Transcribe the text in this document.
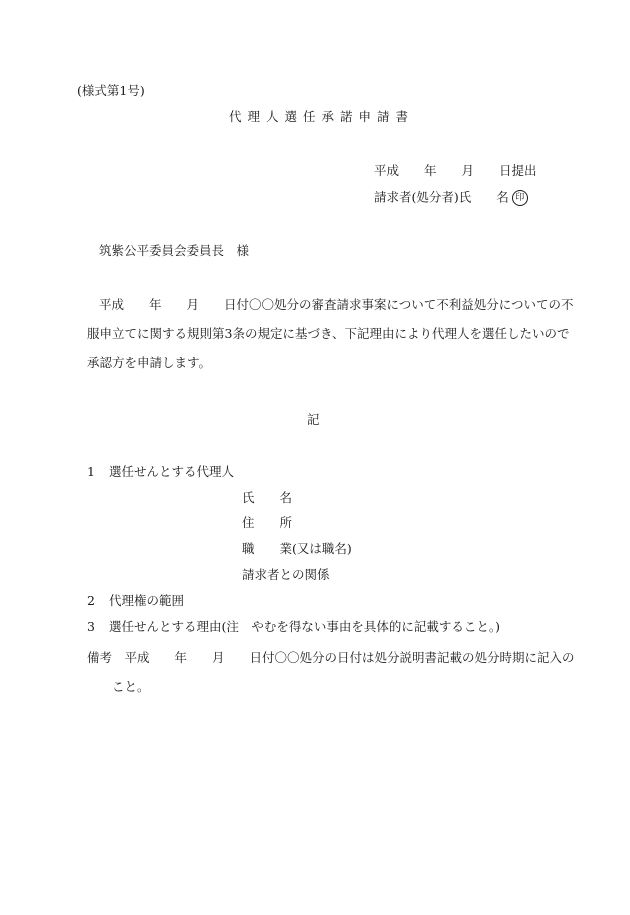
(様式第1号)
代理人選任承諾申請書
平成　　年　　月　　日提出
請求者(処分者)氏　　名 印
筑紫公平委員会委員長　様
平成　　年　　月　　日付〇〇処分の審査請求事案について不利益処分についての不
服申立てに関する規則第3条の規定に基づき、下記理由により代理人を選任したいので
承認方を申請します。
記
1 選任せんとする代理人
氏　　名
住　　所
職　　業(又は職名)
請求者との関係
2 代理権の範囲
3 選任せんとする理由(注　やむを得ない事由を具体的に記載すること。)
備考　平成　　年　　月　　日付〇〇処分の日付は処分説明書記載の処分時期に記入の
こと。
